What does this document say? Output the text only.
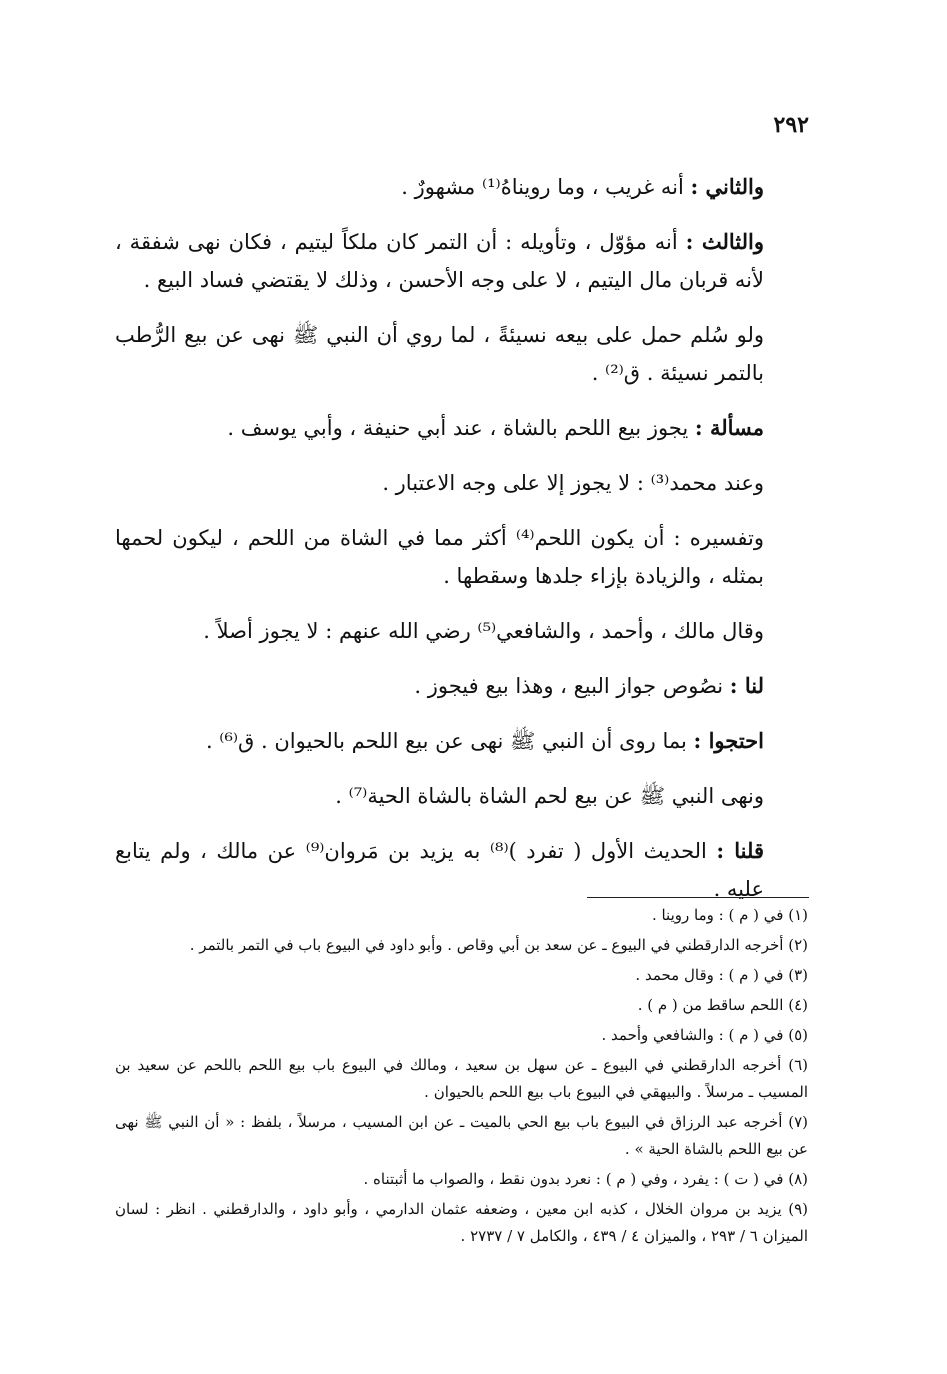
٢٩٢

والثاني : أنه غريب ، وما رويناهُ⁽¹⁾ مشهورٌ .

والثالث : أنه مؤوّل ، وتأويله : أن التمر كان ملكاً ليتيم ، فكان نهى شفقة ، لأنه قربان مال اليتيم ، لا على وجه الأحسن ، وذلك لا يقتضي فساد البيع .

ولو سُلم حمل على بيعه نسيئةً ، لما روي أن النبي ﷺ نهى عن بيع الرُّطب بالتمر نسيئة . ق⁽²⁾ .

مسألة : يجوز بيع اللحم بالشاة ، عند أبي حنيفة ، وأبي يوسف .

وعند محمد⁽³⁾ : لا يجوز إلا على وجه الاعتبار .

وتفسيره : أن يكون اللحم⁽⁴⁾ أكثر مما في الشاة من اللحم ، ليكون لحمها بمثله ، والزيادة بإزاء جلدها وسقطها .

وقال مالك ، وأحمد ، والشافعي⁽⁵⁾ رضي الله عنهم : لا يجوز أصلاً .

لنا : نصُوص جواز البيع ، وهذا بيع فيجوز .

احتجوا : بما روى أن النبي ﷺ نهى عن بيع اللحم بالحيوان . ق⁽⁶⁾ .

ونهى النبي ﷺ عن بيع لحم الشاة بالشاة الحية⁽⁷⁾ .

قلنا : الحديث الأول ( تفرد )⁽⁸⁾ به يزيد بن مَروان⁽⁹⁾ عن مالك ، ولم يتابع عليه .

(١) في ( م ) : وما روينا .

(٢) أخرجه الدارقطني في البيوع ـ عن سعد بن أبي وقاص . وأبو داود في البيوع باب في التمر بالتمر .

(٣) في ( م ) : وقال محمد .

(٤) اللحم ساقط من ( م ) .

(٥) في ( م ) : والشافعي وأحمد .

(٦) أخرجه الدارقطني في البيوع ـ عن سهل بن سعيد ، ومالك في البيوع باب بيع اللحم باللحم عن سعيد بن المسيب ـ مرسلاً . والبيهقي في البيوع باب بيع اللحم بالحيوان .

(٧) أخرجه عبد الرزاق في البيوع باب بيع الحي بالميت ـ عن ابن المسيب ، مرسلاً ، بلفظ : « أن النبي ﷺ نهى عن بيع اللحم بالشاة الحية » .

(٨) في ( ت ) : يفرد ، وفي ( م ) : نعرد بدون نقط ، والصواب ما أثبتناه .

(٩) يزيد بن مروان الخلال ، كذبه ابن معين ، وضعفه عثمان الدارمي ، وأبو داود ، والدارقطني . انظر : لسان الميزان ٦ / ٢٩٣ ، والميزان ٤ / ٤٣٩ ، والكامل ٧ / ٢٧٣٧ .
